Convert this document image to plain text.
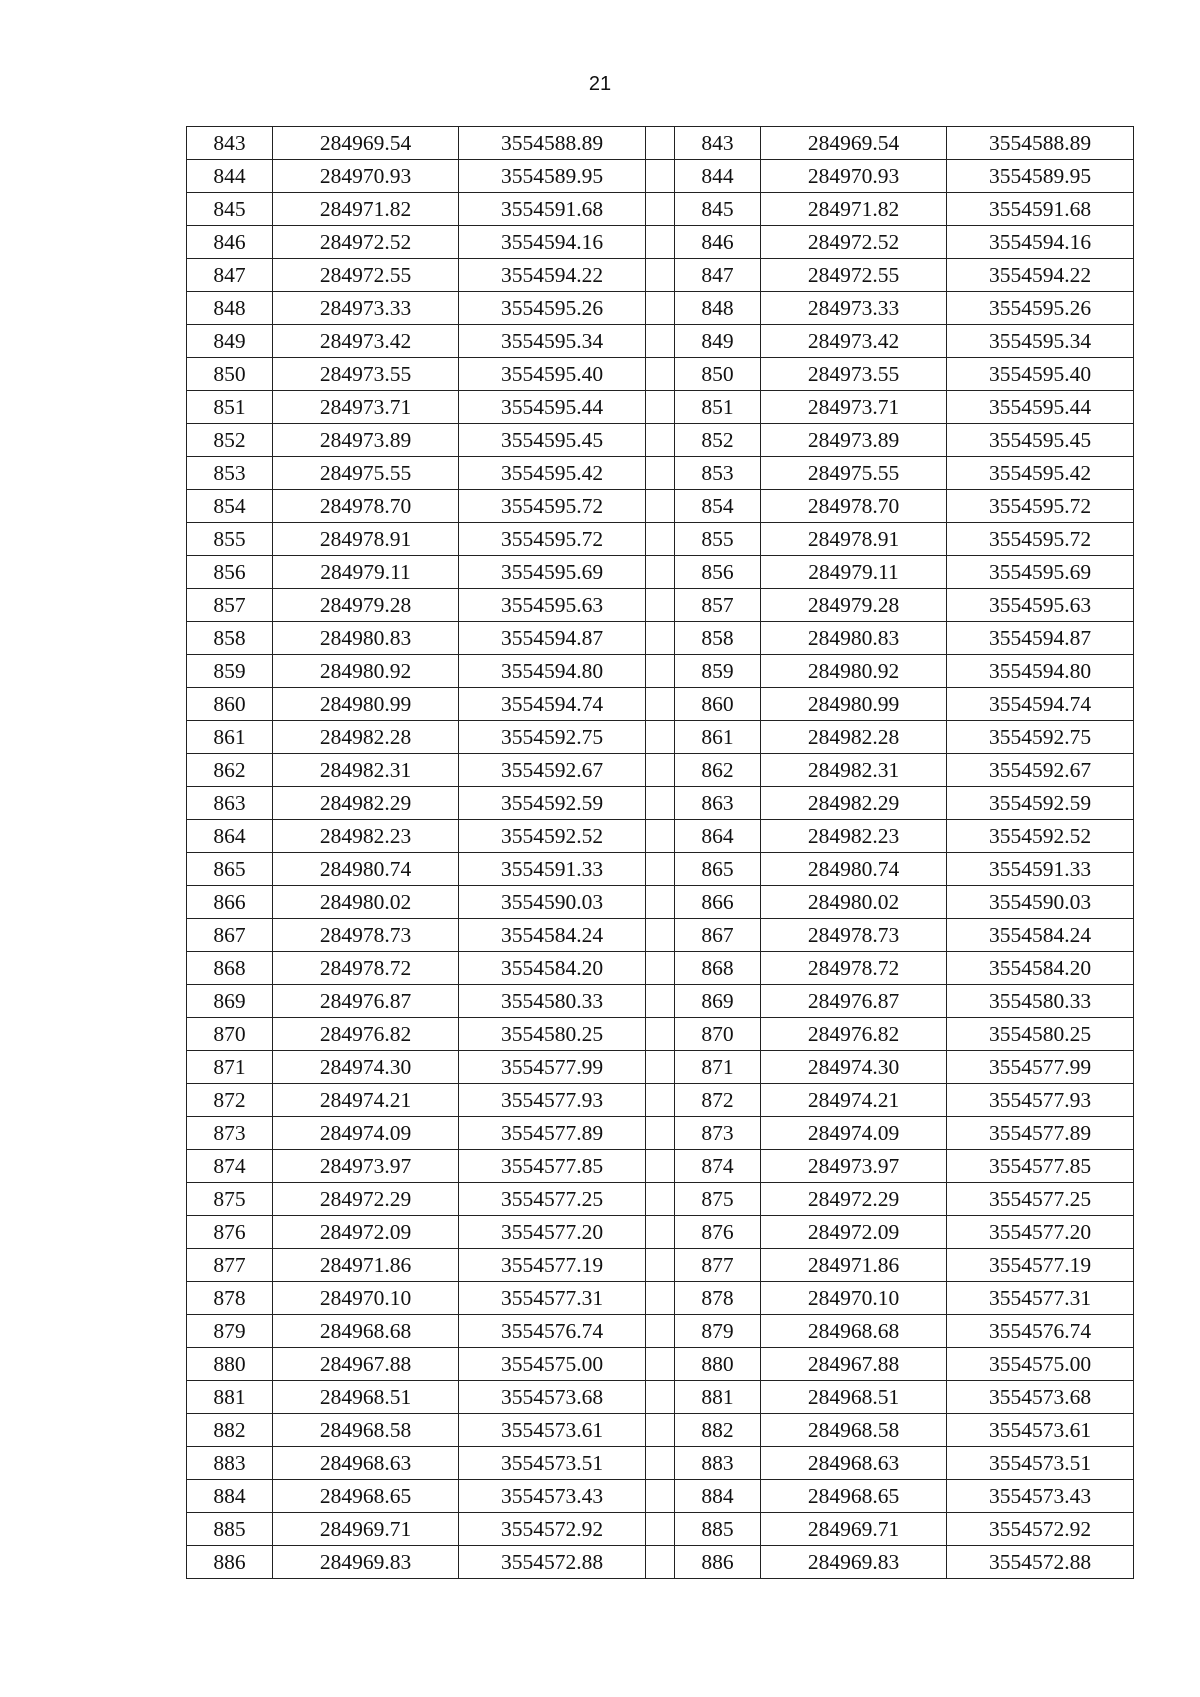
21
843	284969.54	3554588.89		843	284969.54	3554588.89
844	284970.93	3554589.95		844	284970.93	3554589.95
845	284971.82	3554591.68		845	284971.82	3554591.68
846	284972.52	3554594.16		846	284972.52	3554594.16
847	284972.55	3554594.22		847	284972.55	3554594.22
848	284973.33	3554595.26		848	284973.33	3554595.26
849	284973.42	3554595.34		849	284973.42	3554595.34
850	284973.55	3554595.40		850	284973.55	3554595.40
851	284973.71	3554595.44		851	284973.71	3554595.44
852	284973.89	3554595.45		852	284973.89	3554595.45
853	284975.55	3554595.42		853	284975.55	3554595.42
854	284978.70	3554595.72		854	284978.70	3554595.72
855	284978.91	3554595.72		855	284978.91	3554595.72
856	284979.11	3554595.69		856	284979.11	3554595.69
857	284979.28	3554595.63		857	284979.28	3554595.63
858	284980.83	3554594.87		858	284980.83	3554594.87
859	284980.92	3554594.80		859	284980.92	3554594.80
860	284980.99	3554594.74		860	284980.99	3554594.74
861	284982.28	3554592.75		861	284982.28	3554592.75
862	284982.31	3554592.67		862	284982.31	3554592.67
863	284982.29	3554592.59		863	284982.29	3554592.59
864	284982.23	3554592.52		864	284982.23	3554592.52
865	284980.74	3554591.33		865	284980.74	3554591.33
866	284980.02	3554590.03		866	284980.02	3554590.03
867	284978.73	3554584.24		867	284978.73	3554584.24
868	284978.72	3554584.20		868	284978.72	3554584.20
869	284976.87	3554580.33		869	284976.87	3554580.33
870	284976.82	3554580.25		870	284976.82	3554580.25
871	284974.30	3554577.99		871	284974.30	3554577.99
872	284974.21	3554577.93		872	284974.21	3554577.93
873	284974.09	3554577.89		873	284974.09	3554577.89
874	284973.97	3554577.85		874	284973.97	3554577.85
875	284972.29	3554577.25		875	284972.29	3554577.25
876	284972.09	3554577.20		876	284972.09	3554577.20
877	284971.86	3554577.19		877	284971.86	3554577.19
878	284970.10	3554577.31		878	284970.10	3554577.31
879	284968.68	3554576.74		879	284968.68	3554576.74
880	284967.88	3554575.00		880	284967.88	3554575.00
881	284968.51	3554573.68		881	284968.51	3554573.68
882	284968.58	3554573.61		882	284968.58	3554573.61
883	284968.63	3554573.51		883	284968.63	3554573.51
884	284968.65	3554573.43		884	284968.65	3554573.43
885	284969.71	3554572.92		885	284969.71	3554572.92
886	284969.83	3554572.88		886	284969.83	3554572.88
